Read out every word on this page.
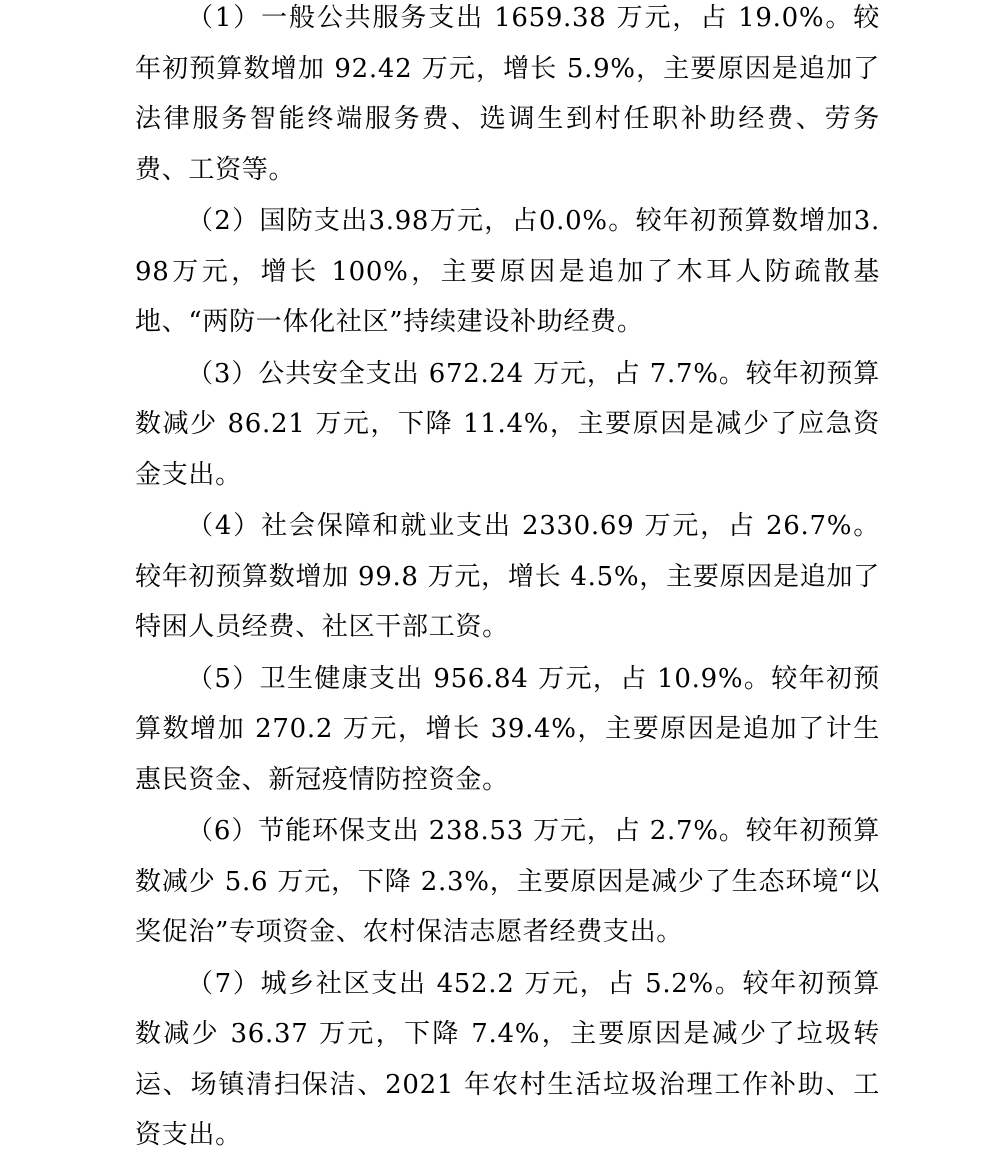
（1）一般公共服务支出 1659.38 万元，占 19.0%。较年初预算数增加 92.42 万元，增长 5.9%，主要原因是追加了法律服务智能终端服务费、选调生到村任职补助经费、劳务费、工资等。

（2）国防支出3.98万元，占0.0%。较年初预算数增加3.98万元，增长 100%，主要原因是追加了木耳人防疏散基地、“两防一体化社区”持续建设补助经费。

（3）公共安全支出 672.24 万元，占 7.7%。较年初预算数减少 86.21 万元，下降 11.4%，主要原因是减少了应急资金支出。

（4）社会保障和就业支出 2330.69 万元，占 26.7%。较年初预算数增加 99.8 万元，增长 4.5%，主要原因是追加了特困人员经费、社区干部工资。

（5）卫生健康支出 956.84 万元，占 10.9%。较年初预算数增加 270.2 万元，增长 39.4%，主要原因是追加了计生惠民资金、新冠疫情防控资金。

（6）节能环保支出 238.53 万元，占 2.7%。较年初预算数减少 5.6 万元，下降 2.3%，主要原因是减少了生态环境“以奖促治”专项资金、农村保洁志愿者经费支出。

（7）城乡社区支出 452.2 万元，占 5.2%。较年初预算数减少 36.37 万元，下降 7.4%，主要原因是减少了垃圾转运、场镇清扫保洁、2021 年农村生活垃圾治理工作补助、工资支出。
